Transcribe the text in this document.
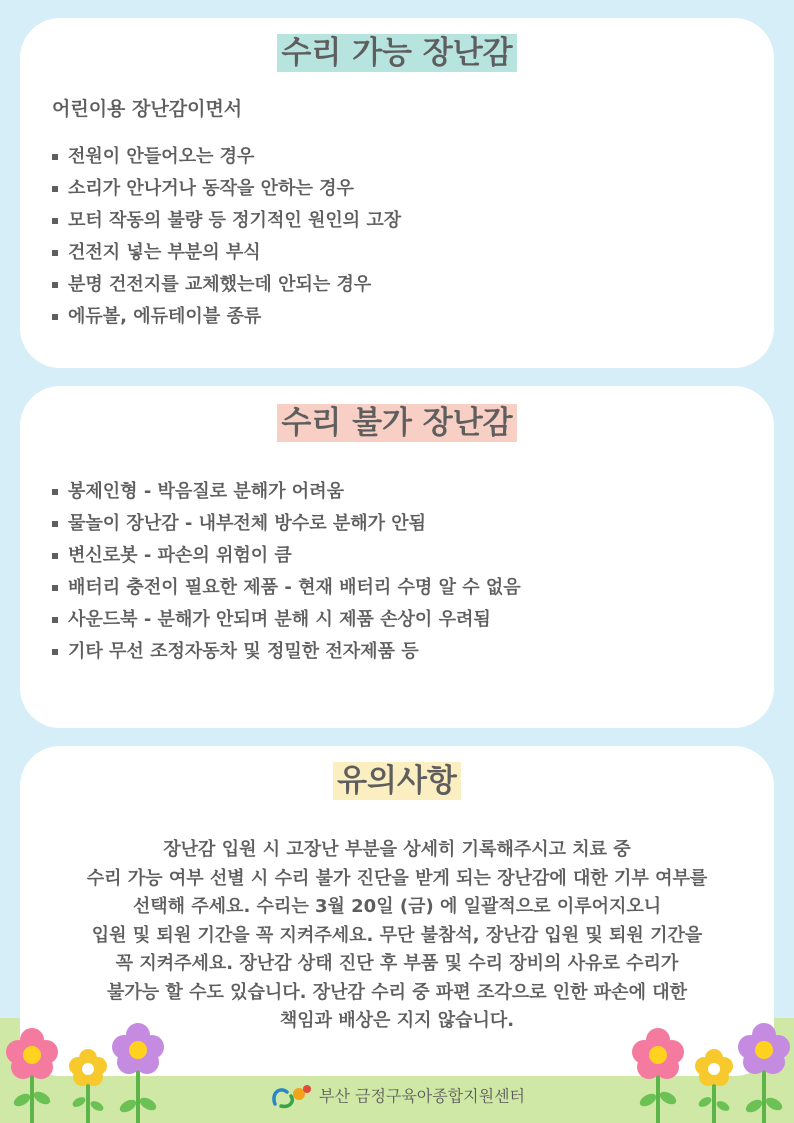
수리 가능 장난감
어린이용 장난감이면서
전원이 안들어오는 경우
소리가 안나거나 동작을 안하는 경우
모터 작동의 불량 등 정기적인 원인의 고장
건전지 넣는 부분의 부식
분명 건전지를 교체했는데 안되는 경우
에듀볼, 에듀테이블 종류
수리 불가 장난감
봉제인형 - 박음질로 분해가 어려움
물놀이 장난감 - 내부전체 방수로 분해가 안됨
변신로봇 - 파손의 위험이 큼
배터리 충전이 필요한 제품 - 현재 배터리 수명 알 수 없음
사운드북 - 분해가 안되며 분해 시 제품 손상이 우려됨
기타 무선 조정자동차 및 정밀한 전자제품 등
유의사항
장난감 입원 시 고장난 부분을 상세히 기록해주시고 치료 중
수리 가능 여부 선별 시 수리 불가 진단을 받게 되는 장난감에 대한 기부 여부를
선택해 주세요. 수리는 3월 20일 (금) 에 일괄적으로 이루어지오니
입원 및 퇴원 기간을 꼭 지켜주세요. 무단 불참석, 장난감 입원 및 퇴원 기간을
꼭 지켜주세요. 장난감 상태 진단 후 부품 및 수리 장비의 사유로 수리가
불가능 할 수도 있습니다. 장난감 수리 중 파편 조각으로 인한 파손에 대한
책임과 배상은 지지 않습니다.
부산 금정구육아종합지원센터
